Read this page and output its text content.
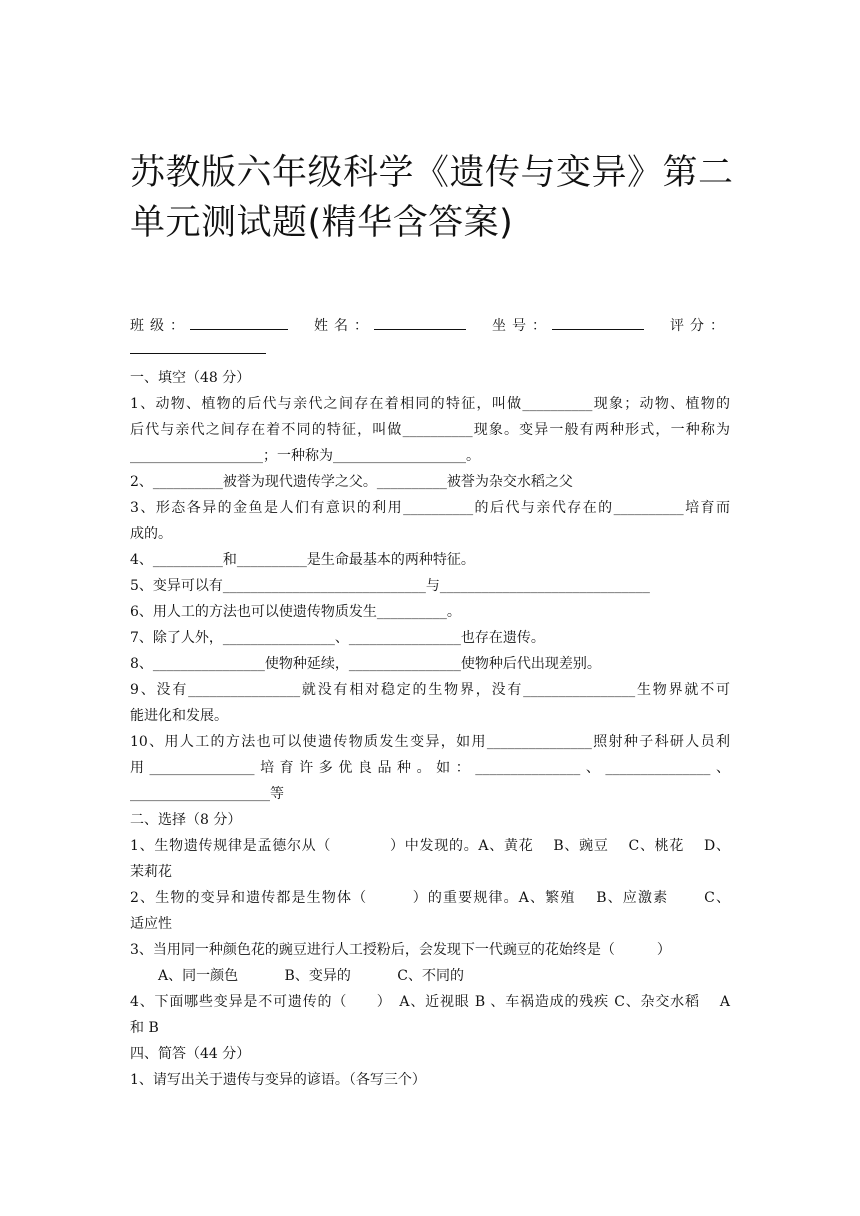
苏教版六年级科学《遗传与变异》第二
单元测试题(精华含答案)
班级：	姓名：	坐号：	评分：

一、填空（48 分）

1、动物、植物的后代与亲代之间存在着相同的特征，叫做__________现象；动物、植物的

后代与亲代之间存在着不同的特征，叫做__________现象。变异一般有两种形式，一种称为

___________________；一种称为___________________。

2、__________被誉为现代遗传学之父。__________被誉为杂交水稻之父

3、形态各异的金鱼是人们有意识的利用__________的后代与亲代存在的__________培育而

成的。

4、__________和__________是生命最基本的两种特征。

5、变异可以有_____________________________与______________________________

6、用人工的方法也可以使遗传物质发生__________。

7、除了人外，________________、________________也存在遗传。

8、________________使物种延续，________________使物种后代出现差别。

9、没有________________就没有相对稳定的生物界，没有________________生物界就不可

能进化和发展。

10、用人工的方法也可以使遗传物质发生变异，如用_______________照射种子科研人员利

用_______________培育许多优良品种。如：_______________、_______________、

____________________等

二、选择（8 分）

1、生物遗传规律是孟德尔从（　　　　）中发现的。A、黄花　 B、豌豆　 C、桃花　 D、

茉莉花

2、生物的变异和遗传都是生物体（　　　）的重要规律。A、繁殖　 B、应激素　　 C、

适应性

3、当用同一种颜色花的豌豆进行人工授粉后，会发现下一代豌豆的花始终是（　　　）

A、同一颜色　　　 B、变异的　　　 C、不同的

4、下面哪些变异是不可遗传的（　　）　A、近视眼 B 、车祸造成的残疾 C、杂交水稻　 A

和 B

四、简答（44 分）

1、请写出关于遗传与变异的谚语。（各写三个）
